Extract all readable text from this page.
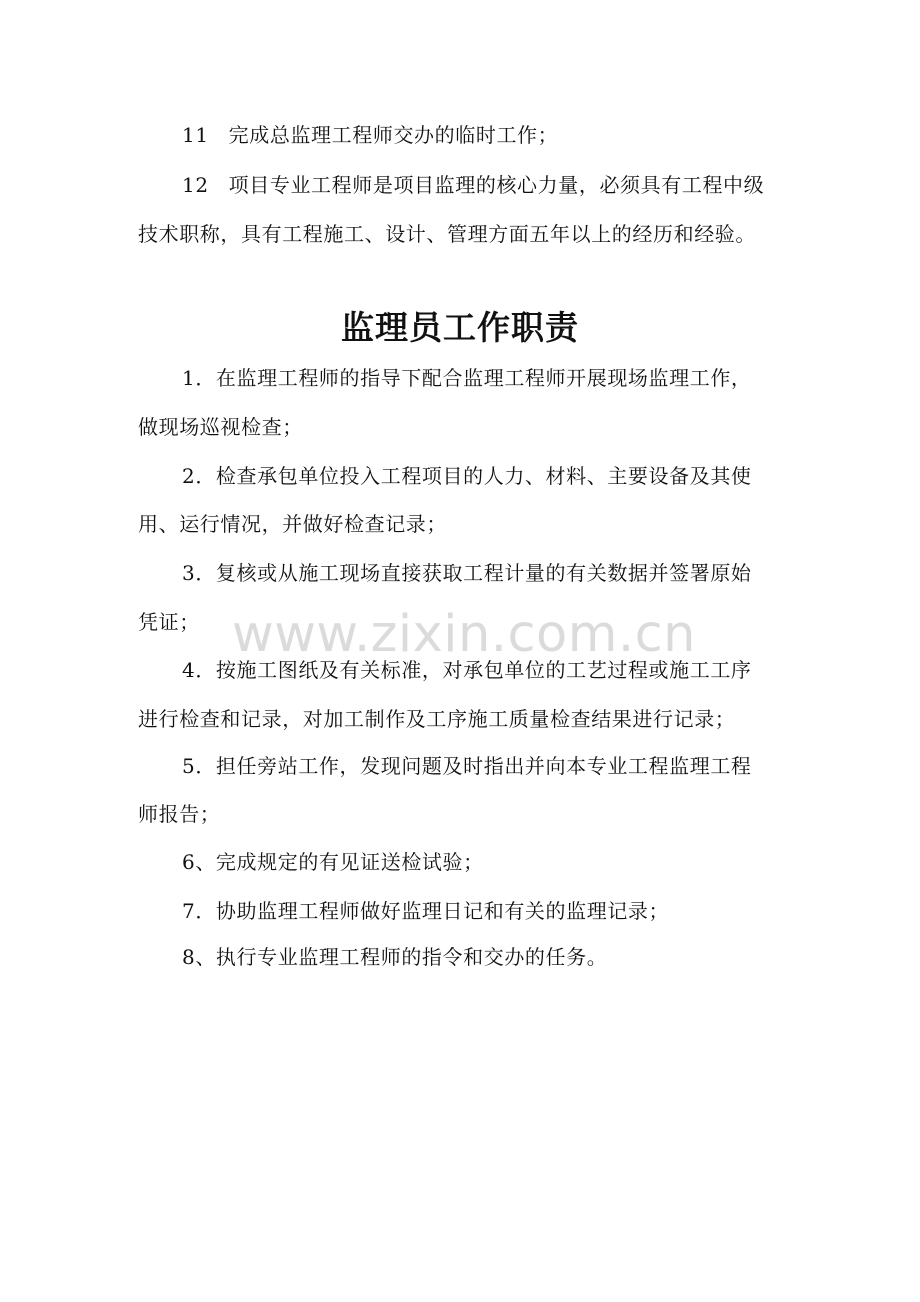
11 完成总监理工程师交办的临时工作；
12 项目专业工程师是项目监理的核心力量，必须具有工程中级
技术职称，具有工程施工、设计、管理方面五年以上的经历和经验。
监理员工作职责
1．在监理工程师的指导下配合监理工程师开展现场监理工作，
做现场巡视检查；
2．检查承包单位投入工程项目的人力、材料、主要设备及其使
用、运行情况，并做好检查记录；
3．复核或从施工现场直接获取工程计量的有关数据并签署原始
凭证；
4．按施工图纸及有关标准，对承包单位的工艺过程或施工工序
进行检查和记录，对加工制作及工序施工质量检查结果进行记录；
5．担任旁站工作，发现问题及时指出并向本专业工程监理工程
师报告；
6、完成规定的有见证送检试验；
7．协助监理工程师做好监理日记和有关的监理记录；
8、执行专业监理工程师的指令和交办的任务。
www.zixin.com.cn
